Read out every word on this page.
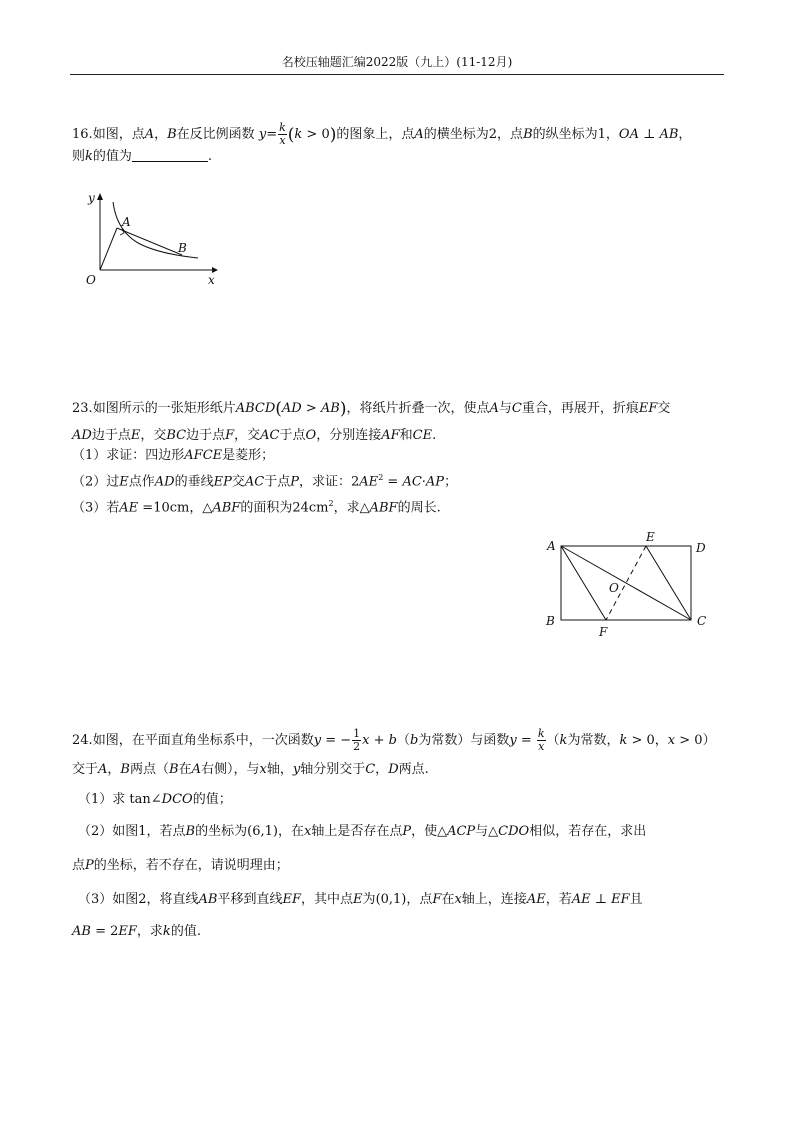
名校压轴题汇编2022版（九上）(11-12月)
16.如图，点A，B在反比例函数 $y= \frac{k}{x} (k > 0)$的图象上，点A的横坐标为2，点B的纵坐标为1，OA ⊥ AB，
则k的值为	.
y
x
O
A
B
23.如图所示的一张矩形纸片ABCD(AD > AB)，将纸片折叠一次，使点A与C重合，再展开，折痕EF交
AD边于点E，交BC边于点F，交AC于点O，分别连接AF和CE.
（1）求证：四边形AFCE是菱形；
（2）过E点作AD的垂线EP交AC于点P，求证：$2AE^2 = AC\cdot AP$；
（3）若AE =10cm，△ABF的面积为$24cm^2$，求△ABF的周长.
A	D
B	C
E
F
O
24.如图，在平面直角坐标系中，一次函数y = − $\frac{1}{2}$ x + b（b为常数）与函数$y = \frac{k}{x} (k$为常数，k > 0，x > 0）
交于A，B两点（B在A右侧），与x轴，y轴分别交于C，D两点.
（1）求 tan∠DCO的值；
（2）如图1，若点B的坐标为(6,1)，在x轴上是否存在点P，使△ACP与△CDO相似，若存在，求出
点P的坐标，若不存在，请说明理由；
（3）如图2，将直线AB平移到直线EF，其中点E为(0,1)，点F在x轴上，连接AE，若AE ⊥ EF且
AB = 2EF，求k的值.
